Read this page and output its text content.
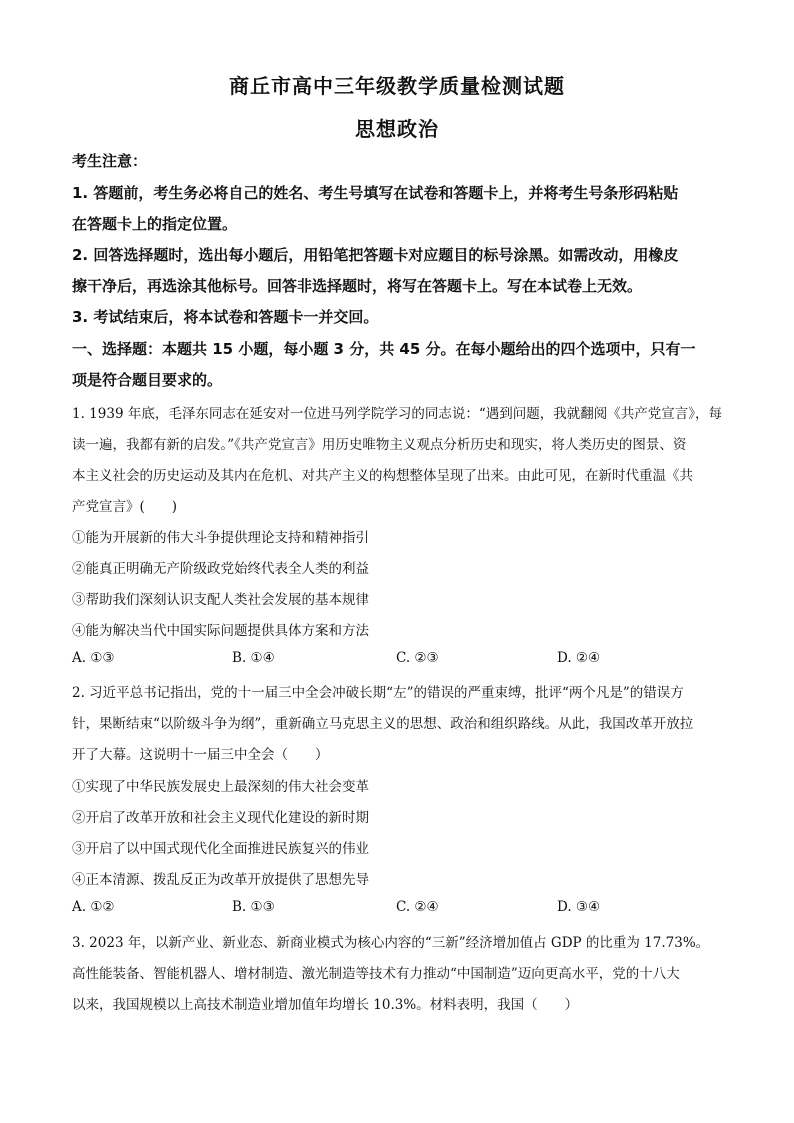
商丘市高中三年级教学质量检测试题
思想政治
考生注意：
1. 答题前，考生务必将自己的姓名、考生号填写在试卷和答题卡上，并将考生号条形码粘贴
在答题卡上的指定位置。
2. 回答选择题时，选出每小题后，用铅笔把答题卡对应题目的标号涂黑。如需改动，用橡皮
擦干净后，再选涂其他标号。回答非选择题时，将写在答题卡上。写在本试卷上无效。
3. 考试结束后，将本试卷和答题卡一并交回。
一、选择题：本题共 15 小题，每小题 3 分，共 45 分。在每小题给出的四个选项中，只有一
项是符合题目要求的。
1. 1939 年底，毛泽东同志在延安对一位进马列学院学习的同志说：“遇到问题，我就翻阅《共产党宣言》，每
读一遍，我都有新的启发。”《共产党宣言》用历史唯物主义观点分析历史和现实，将人类历史的图景、资
本主义社会的历史运动及其内在危机、对共产主义的构想整体呈现了出来。由此可见，在新时代重温《共
产党宣言》(　　)
①能为开展新的伟大斗争提供理论支持和精神指引
②能真正明确无产阶级政党始终代表全人类的利益
③帮助我们深刻认识支配人类社会发展的基本规律
④能为解决当代中国实际问题提供具体方案和方法
A. ①③	B. ①④	C. ②③	D. ②④
2. 习近平总书记指出，党的十一届三中全会冲破长期“左”的错误的严重束缚，批评“两个凡是”的错误方
针，果断结束“以阶级斗争为纲”，重新确立马克思主义的思想、政治和组织路线。从此，我国改革开放拉
开了大幕。这说明十一届三中全会（　　）
①实现了中华民族发展史上最深刻的伟大社会变革
②开启了改革开放和社会主义现代化建设的新时期
③开启了以中国式现代化全面推进民族复兴的伟业
④正本清源、拨乱反正为改革开放提供了思想先导
A. ①②	B. ①③	C. ②④	D. ③④
3. 2023 年，以新产业、新业态、新商业模式为核心内容的“三新”经济增加值占 GDP 的比重为 17.73%。
高性能装备、智能机器人、增材制造、激光制造等技术有力推动“中国制造”迈向更高水平，党的十八大
以来，我国规模以上高技术制造业增加值年均增长 10.3%。材料表明，我国（　　）
